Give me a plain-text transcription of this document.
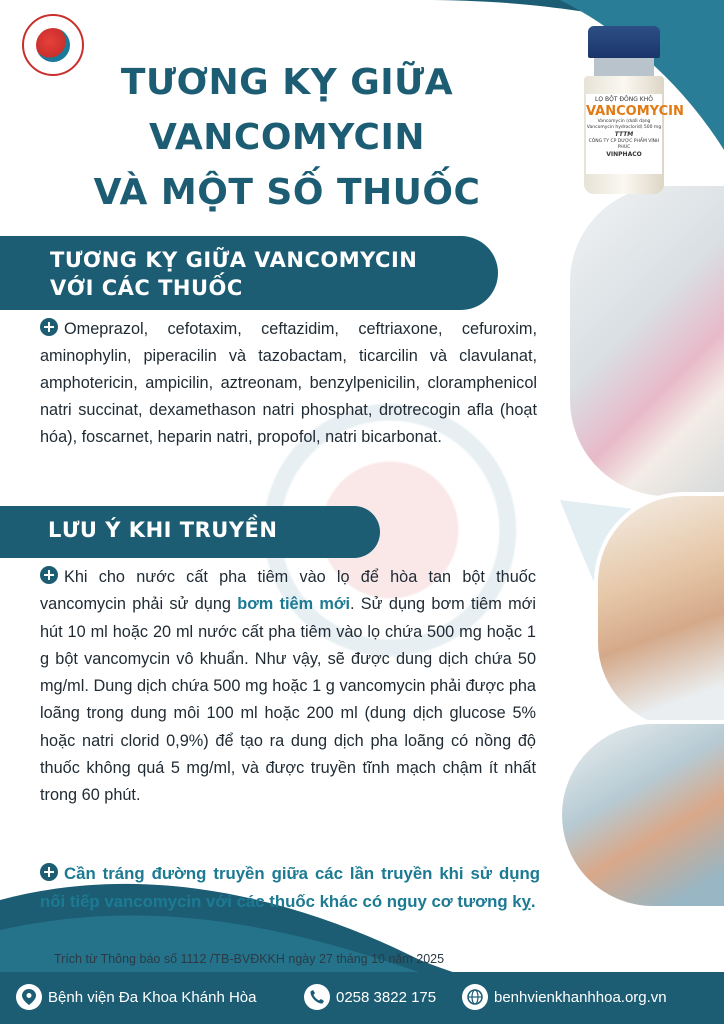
TƯƠNG KỴ GIỮA
VANCOMYCIN
VÀ MỘT SỐ THUỐC
LỌ BỘT ĐÔNG KHÔ
VANCOMYCIN
Vancomycin (dưới dạng
Vancomycin hydroclorid) 500 mg
TTTM
CÔNG TY CP DƯỢC PHẨM VĨNH PHÚC
VINPHACO
TƯƠNG KỴ GIỮA VANCOMYCIN
VỚI CÁC THUỐC
Omeprazol, cefotaxim, ceftazidim, ceftriaxone, cefuroxim, aminophylin, piperacilin và tazobactam, ticarcilin và clavulanat, amphotericin, ampicilin, aztreonam, benzylpenicilin, cloramphenicol natri succinat, dexamethason natri phosphat, drotrecogin afla (hoạt hóa), foscarnet, heparin natri, propofol, natri bicarbonat.
LƯU Ý KHI TRUYỀN
Khi cho nước cất pha tiêm vào lọ để hòa tan bột thuốc vancomycin phải sử dụng bơm tiêm mới. Sử dụng bơm tiêm mới hút 10 ml hoặc 20 ml nước cất pha tiêm vào lọ chứa 500 mg hoặc 1 g bột vancomycin vô khuẩn. Như vậy, sẽ được dung dịch chứa 50 mg/ml. Dung dịch chứa 500 mg hoặc 1 g vancomycin phải được pha loãng trong dung môi 100 ml hoặc 200 ml (dung dịch glucose 5% hoặc natri clorid 0,9%) để tạo ra dung dịch pha loãng có nồng độ thuốc không quá 5 mg/ml, và được truyền tĩnh mạch chậm ít nhất trong 60 phút.
Cần tráng đường truyền giữa các lần truyền khi sử dụng nối tiếp vancomycin với các thuốc khác có nguy cơ tương kỵ.
Trích từ Thông báo số 1112 /TB-BVĐKKH ngày 27 tháng 10 năm 2025
Bệnh viện Đa Khoa Khánh Hòa	0258 3822 175	benhvienkhanhhoa.org.vn
